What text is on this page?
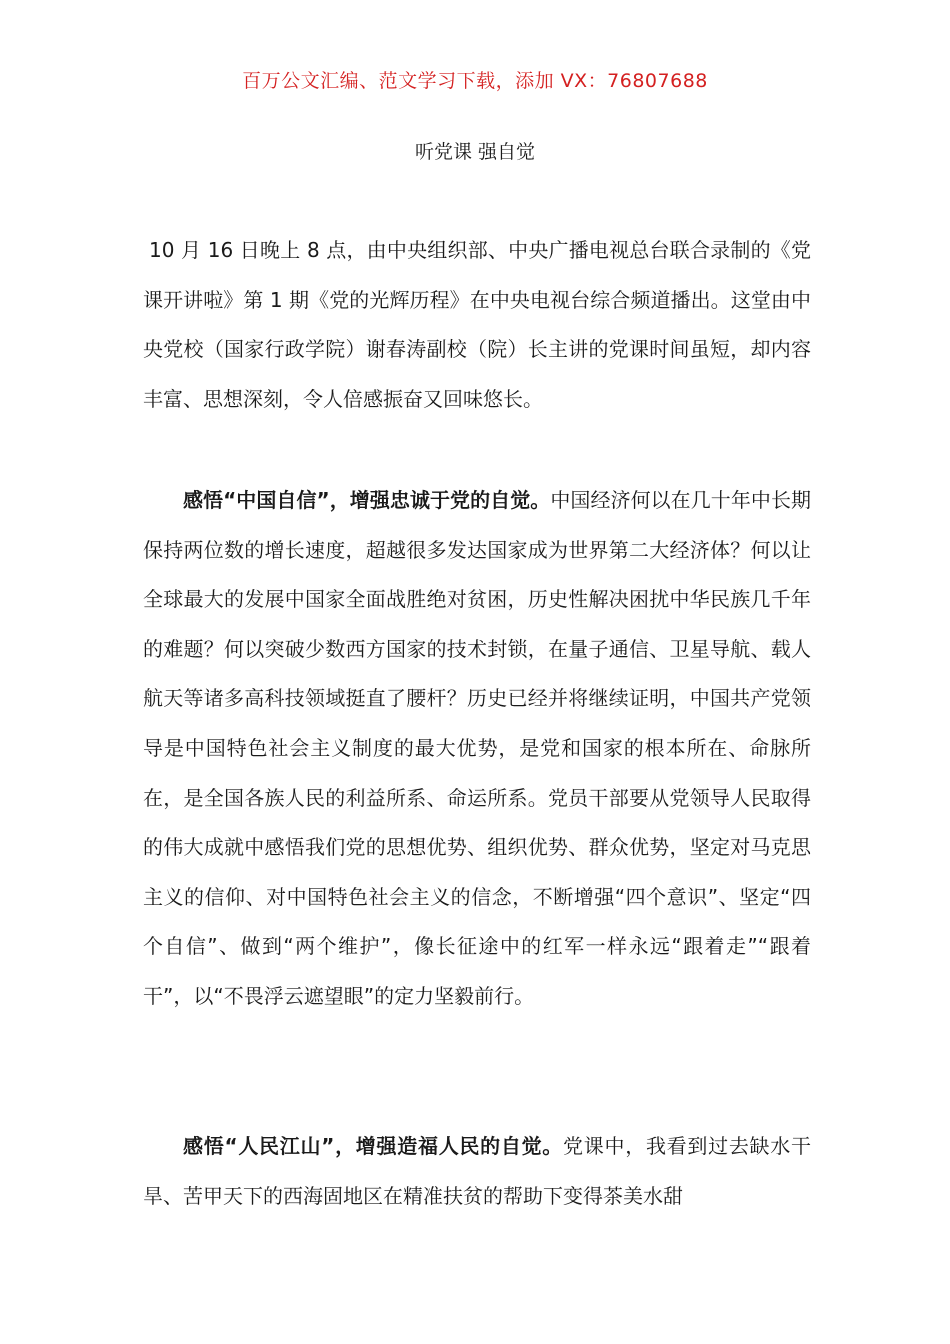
百万公文汇编、范文学习下载，添加 VX：76807688
听党课 强自觉

10 月 16 日晚上 8 点，由中央组织部、中央广播电视总台联合录制的《党课开讲啦》第 1 期《党的光辉历程》在中央电视台综合频道播出。这堂由中央党校（国家行政学院）谢春涛副校（院）长主讲的党课时间虽短，却内容丰富、思想深刻，令人倍感振奋又回味悠长。

感悟“中国自信”，增强忠诚于党的自觉。中国经济何以在几十年中长期保持两位数的增长速度，超越很多发达国家成为世界第二大经济体？何以让全球最大的发展中国家全面战胜绝对贫困，历史性解决困扰中华民族几千年的难题？何以突破少数西方国家的技术封锁，在量子通信、卫星导航、载人航天等诸多高科技领域挺直了腰杆？历史已经并将继续证明，中国共产党领导是中国特色社会主义制度的最大优势，是党和国家的根本所在、命脉所在，是全国各族人民的利益所系、命运所系。党员干部要从党领导人民取得的伟大成就中感悟我们党的思想优势、组织优势、群众优势，坚定对马克思主义的信仰、对中国特色社会主义的信念，不断增强“四个意识”、坚定“四个自信”、做到“两个维护”，像长征途中的红军一样永远“跟着走”“跟着干”，以“不畏浮云遮望眼”的定力坚毅前行。

感悟“人民江山”，增强造福人民的自觉。党课中，我看到过去缺水干旱、苦甲天下的西海固地区在精准扶贫的帮助下变得茶美水甜
